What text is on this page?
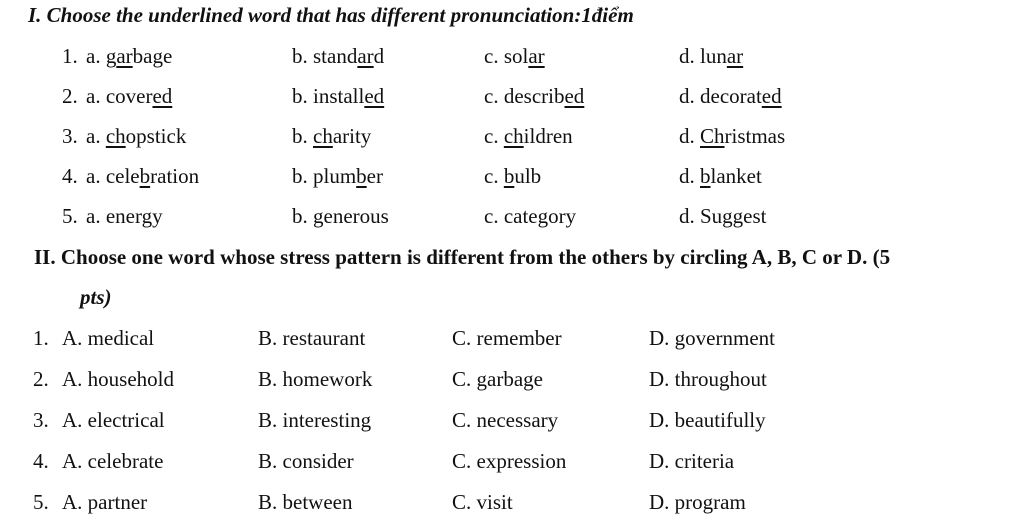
I. Choose the underlined word that has different pronunciation:1điểm
1. a. garbage	b. standard	c. solar	d. lunar
2. a. covered	b. installed	c. described	d. decorated
3. a. chopstick	b. charity	c. children	d. Christmas
4. a. celebration	b. plumber	c. bulb	d. blanket
5. a. energy	b. generous	c. category	d. Suggest
II. Choose one word whose stress pattern is different from the others by circling A, B, C or D. (5
pts)
1. A. medical	B. restaurant	C. remember	D. government
2. A. household	B. homework	C. garbage	D. throughout
3. A. electrical	B. interesting	C. necessary	D. beautifully
4. A. celebrate	B. consider	C. expression	D. criteria
5. A. partner	B. between	C. visit	D. program
